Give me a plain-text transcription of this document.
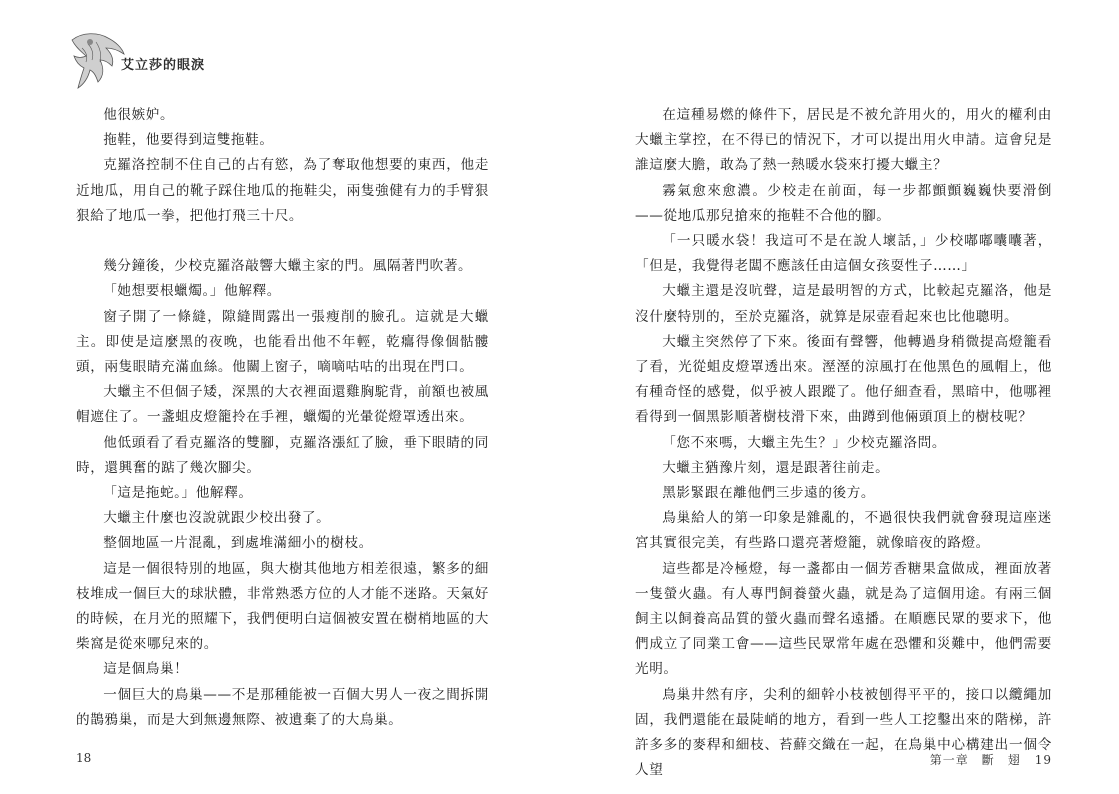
艾立莎的眼淚

他很嫉妒。

拖鞋，他要得到這雙拖鞋。

克羅洛控制不住自己的占有慾，為了奪取他想要的東西，他走近地瓜，用自己的靴子踩住地瓜的拖鞋尖，兩隻強健有力的手臂狠狠給了地瓜一拳，把他打飛三十尺。

幾分鐘後，少校克羅洛敲響大蠟主家的門。風隔著門吹著。

「她想要根蠟燭。」他解釋。

窗子開了一條縫，隙縫間露出一張瘦削的臉孔。這就是大蠟主。即使是這麼黑的夜晚，也能看出他不年輕，乾癟得像個骷髏頭，兩隻眼睛充滿血絲。他關上窗子，嘀嘀咕咕的出現在門口。

大蠟主不但個子矮，深黑的大衣裡面還雞胸駝背，前額也被風帽遮住了。一盞蛆皮燈籠拎在手裡，蠟燭的光暈從燈罩透出來。

他低頭看了看克羅洛的雙腳，克羅洛漲紅了臉，垂下眼睛的同時，還興奮的踮了幾次腳尖。

「這是拖蛇。」他解釋。

大蠟主什麼也沒說就跟少校出發了。

整個地區一片混亂，到處堆滿細小的樹枝。

這是一個很特別的地區，與大樹其他地方相差很遠，繁多的細枝堆成一個巨大的球狀體，非常熟悉方位的人才能不迷路。天氣好的時候，在月光的照耀下，我們便明白這個被安置在樹梢地區的大柴窩是從來哪兒來的。

這是個鳥巢！

一個巨大的鳥巢——不是那種能被一百個大男人一夜之間拆開的鵲鴉巢，而是大到無邊無際、被遺棄了的大鳥巢。

18

在這種易燃的條件下，居民是不被允許用火的，用火的權利由大蠟主掌控，在不得已的情況下，才可以提出用火申請。這會兒是誰這麼大膽，敢為了熱一熱暖水袋來打擾大蠟主？

霧氣愈來愈濃。少校走在前面，每一步都顫顫巍巍快要滑倒——從地瓜那兒搶來的拖鞋不合他的腳。

「一只暖水袋！我這可不是在說人壞話，」少校嘟嘟囔囔著，「但是，我覺得老闆不應該任由這個女孩耍性子……」

大蠟主還是沒吭聲，這是最明智的方式，比較起克羅洛，他是沒什麼特別的，至於克羅洛，就算是尿壺看起來也比他聰明。

大蠟主突然停了下來。後面有聲響，他轉過身稍微提高燈籠看了看，光從蛆皮燈罩透出來。溼溼的涼風打在他黑色的風帽上，他有種奇怪的感覺，似乎被人跟蹤了。他仔細查看，黑暗中，他哪裡看得到一個黑影順著樹枝滑下來，曲蹲到他倆頭頂上的樹枝呢？

「您不來嗎，大蠟主先生？」少校克羅洛問。

大蠟主猶豫片刻，還是跟著往前走。

黑影緊跟在離他們三步遠的後方。

鳥巢給人的第一印象是雜亂的，不過很快我們就會發現這座迷宮其實很完美，有些路口還亮著燈籠，就像暗夜的路燈。

這些都是冷極燈，每一盞都由一個芳香糖果盒做成，裡面放著一隻螢火蟲。有人專門飼養螢火蟲，就是為了這個用途。有兩三個飼主以飼養高品質的螢火蟲而聲名遠播。在順應民眾的要求下，他們成立了同業工會——這些民眾常年處在恐懼和災難中，他們需要光明。

鳥巢井然有序，尖利的細幹小枝被刨得平平的，接口以纜繩加固，我們還能在最陡峭的地方，看到一些人工挖鑿出來的階梯，許許多多的麥稈和細枝、苔蘚交織在一起，在鳥巢中心構建出一個令人望

第一章　斷　翅 19
